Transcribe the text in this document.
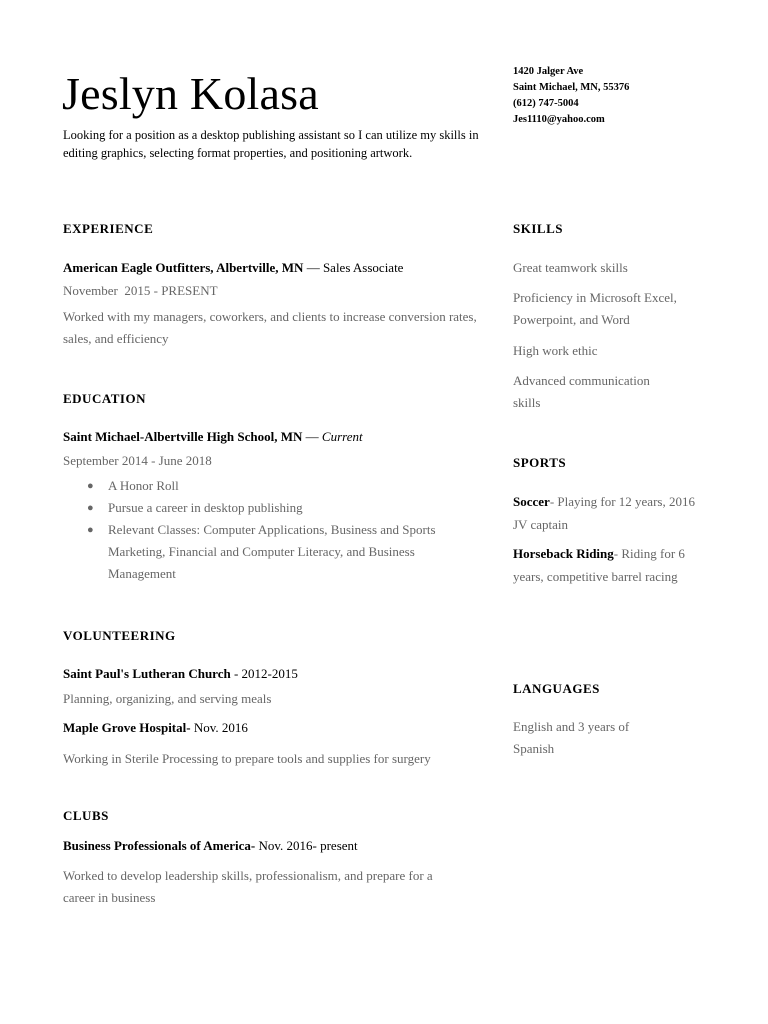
Jeslyn Kolasa
Looking for a position as a desktop publishing assistant so I can utilize my skills in editing graphics, selecting format properties, and positioning artwork.
1420 Jalger Ave
Saint Michael, MN, 55376
(612) 747-5004
Jes1110@yahoo.com
EXPERIENCE
American Eagle Outfitters, Albertville, MN — Sales Associate
November  2015 - PRESENT
Worked with my managers, coworkers, and clients to increase conversion rates, sales, and efficiency
EDUCATION
Saint Michael-Albertville High School, MN — Current
September 2014 - June 2018
● A Honor Roll
● Pursue a career in desktop publishing
● Relevant Classes: Computer Applications, Business and Sports Marketing, Financial and Computer Literacy, and Business Management
VOLUNTEERING
Saint Paul's Lutheran Church - 2012-2015
Planning, organizing, and serving meals
Maple Grove Hospital- Nov. 2016
Working in Sterile Processing to prepare tools and supplies for surgery
CLUBS
Business Professionals of America- Nov. 2016- present
Worked to develop leadership skills, professionalism, and prepare for a career in business
SKILLS
Great teamwork skills
Proficiency in Microsoft Excel, Powerpoint, and Word
High work ethic
Advanced communication skills
SPORTS
Soccer- Playing for 12 years, 2016 JV captain
Horseback Riding- Riding for 6 years, competitive barrel racing
LANGUAGES
English and 3 years of Spanish
